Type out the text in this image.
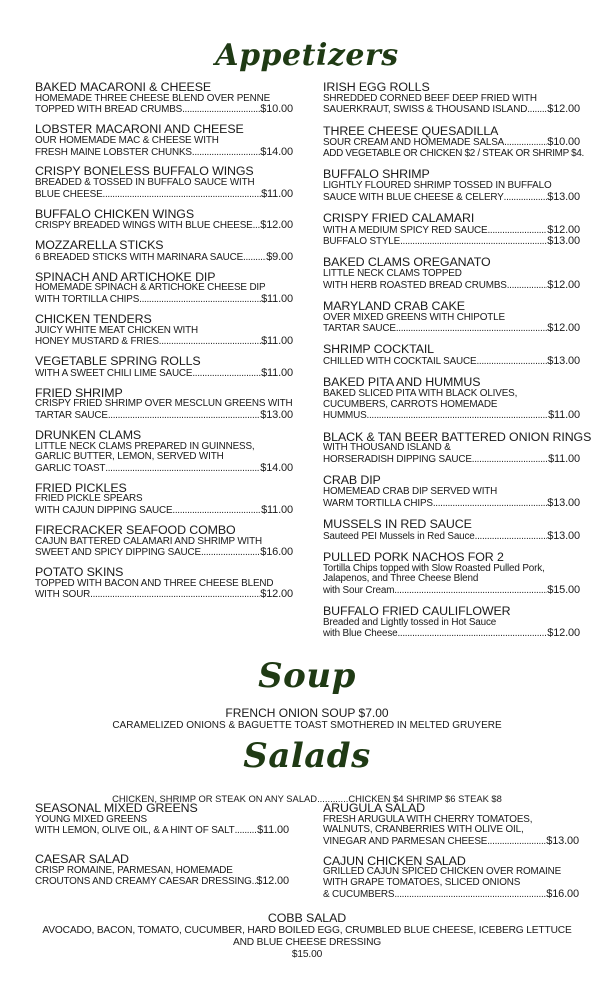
Appetizers
BAKED MACARONI & CHEESE
HOMEMADE THREE CHEESE BLEND OVER PENNE
TOPPED WITH BREAD CRUMBS .....	$10.00
LOBSTER MACARONI AND CHEESE
OUR HOMEMADE MAC & CHEESE WITH
FRESH MAINE LOBSTER CHUNKS .....	$14.00
CRISPY BONELESS BUFFALO WINGS
BREADED & TOSSED IN BUFFALO SAUCE WITH
BLUE CHEESE .....	$11.00
BUFFALO CHICKEN WINGS
CRISPY BREADED WINGS WITH BLUE CHEESE ..... $12.00
MOZZARELLA STICKS
6 BREADED STICKS WITH MARINARA SAUCE ..... $9.00
SPINACH AND ARTICHOKE DIP
HOMEMADE SPINACH & ARTICHOKE CHEESE DIP
WITH TORTILLA CHIPS .....	$11.00
CHICKEN TENDERS
JUICY WHITE MEAT CHICKEN WITH
HONEY MUSTARD & FRIES .....	$11.00
VEGETABLE SPRING ROLLS
WITH A SWEET CHILI LIME SAUCE .....	$11.00
FRIED SHRIMP
CRISPY FRIED SHRIMP OVER MESCLUN GREENS WITH
TARTAR SAUCE .....	$13.00
DRUNKEN CLAMS
LITTLE NECK CLAMS PREPARED IN GUINNESS,
GARLIC BUTTER, LEMON, SERVED WITH
GARLIC TOAST .....	$14.00
FRIED PICKLES
FRIED PICKLE SPEARS
WITH CAJUN DIPPING SAUCE .....	$11.00
FIRECRACKER SEAFOOD COMBO
CAJUN BATTERED CALAMARI AND SHRIMP WITH
SWEET AND SPICY DIPPING SAUCE .....	$16.00
POTATO SKINS
TOPPED WITH BACON AND THREE CHEESE BLEND
WITH SOUR .....	$12.00
IRISH EGG ROLLS
SHREDDED CORNED BEEF DEEP FRIED WITH
SAUERKRAUT, SWISS & THOUSAND ISLAND ..... $12.00
THREE CHEESE QUESADILLA
SOUR CREAM AND HOMEMADE SALSA .....	$10.00
ADD VEGETABLE OR CHICKEN $2 / STEAK OR SHRIMP $4.
BUFFALO SHRIMP
LIGHTLY FLOURED SHRIMP TOSSED IN BUFFALO
SAUCE WITH BLUE CHEESE & CELERY .....	$13.00
CRISPY FRIED CALAMARI
WITH A MEDIUM SPICY RED SAUCE .....	$12.00
BUFFALO STYLE .....	$13.00
BAKED CLAMS OREGANATO
LITTLE NECK CLAMS TOPPED
WITH HERB ROASTED BREAD CRUMBS .....	$12.00
MARYLAND CRAB CAKE
OVER MIXED GREENS WITH CHIPOTLE
TARTAR SAUCE .....	$12.00
SHRIMP COCKTAIL
CHILLED WITH COCKTAIL SAUCE .....	$13.00
BAKED PITA AND HUMMUS
BAKED SLICED PITA WITH BLACK OLIVES,
CUCUMBERS, CARROTS HOMEMADE
HUMMUS .....	$11.00
BLACK & TAN BEER BATTERED ONION RINGS
WITH THOUSAND ISLAND &
HORSERADISH DIPPING SAUCE .....	$11.00
CRAB DIP
HOMEMEAD CRAB DIP SERVED WITH
WARM TORTILLA CHIPS .....	$13.00
MUSSELS IN RED SAUCE
Sauteed PEI Mussels in Red Sauce .....	$13.00
PULLED PORK NACHOS FOR 2
Tortilla Chips topped with Slow Roasted Pulled Pork,
Jalapenos, and Three Cheese Blend
with Sour Cream .....	$15.00
BUFFALO FRIED CAULIFLOWER
Breaded and Lightly tossed in Hot Sauce
with Blue Cheese .....	$12.00
Soup
FRENCH ONION SOUP $7.00
CARAMELIZED ONIONS & BAGUETTE TOAST SMOTHERED IN MELTED GRUYERE
Salads
CHICKEN, SHRIMP OR STEAK ON ANY SALAD............CHICKEN $4 SHRIMP $6 STEAK $8
SEASONAL MIXED GREENS
YOUNG MIXED GREENS
WITH LEMON, OLIVE OIL, & A HINT OF SALT ..... $11.00
CAESAR SALAD
CRISP ROMAINE, PARMESAN, HOMEMADE
CROUTONS AND CREAMY CAESAR DRESSING. ..... $12.00
ARUGULA SALAD
FRESH ARUGULA WITH CHERRY TOMATOES,
WALNUTS, CRANBERRIES WITH OLIVE OIL,
VINEGAR AND PARMESAN CHEESE .....	$13.00
CAJUN CHICKEN SALAD
GRILLED CAJUN SPICED CHICKEN OVER ROMAINE
WITH GRAPE TOMATOES, SLICED ONIONS
& CUCUMBERS .....	$16.00
COBB SALAD
AVOCADO, BACON, TOMATO, CUCUMBER, HARD BOILED EGG, CRUMBLED BLUE CHEESE, ICEBERG LETTUCE
AND BLUE CHEESE DRESSING
$15.00
